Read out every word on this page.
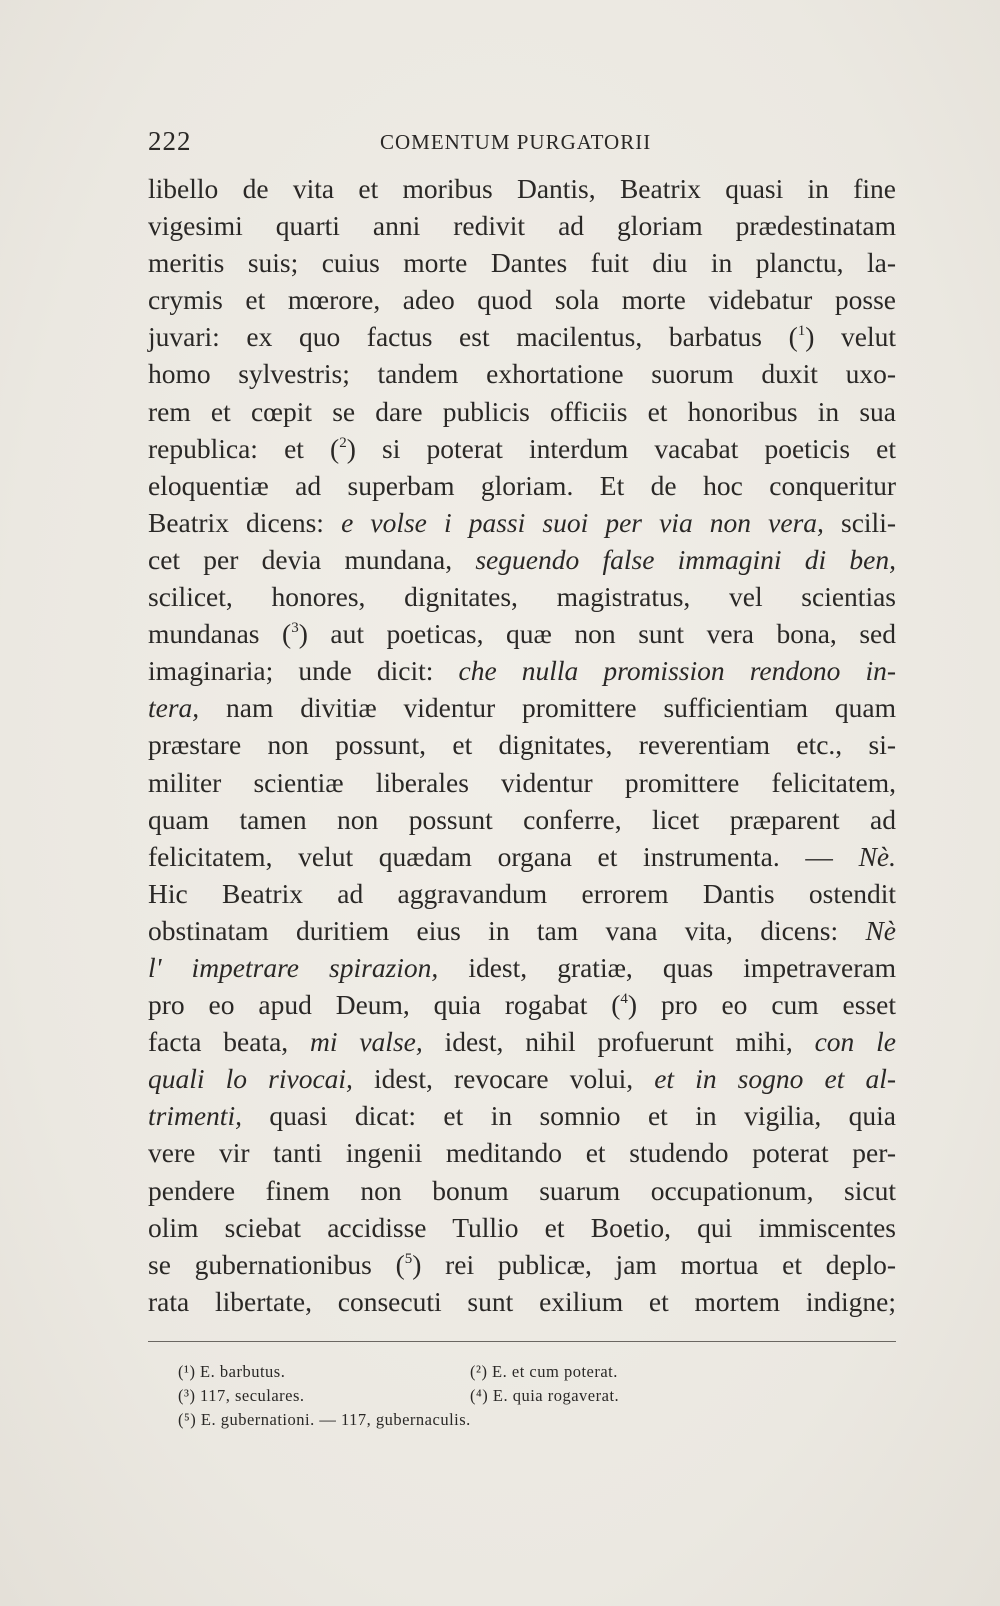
222	COMENTUM PURGATORII
libello de vita et moribus Dantis, Beatrix quasi in fine
vigesimi quarti anni redivit ad gloriam prædestinatam
meritis suis; cuius morte Dantes fuit diu in planctu, la-
crymis et mœrore, adeo quod sola morte videbatur posse
juvari: ex quo factus est macilentus, barbatus ($^1$) velut
homo sylvestris; tandem exhortatione suorum duxit uxo-
rem et cœpit se dare publicis officiis et honoribus in sua
republica: et ($^2$) si poterat interdum vacabat poeticis et
eloquentiæ ad superbam gloriam. Et de hoc conqueritur
Beatrix dicens: e volse i passi suoi per via non vera, scili-
cet per devia mundana, seguendo false immagini di ben,
scilicet, honores, dignitates, magistratus, vel scientias
mundanas ($^3$) aut poeticas, quæ non sunt vera bona, sed
imaginaria; unde dicit: che nulla promission rendono in-
tera, nam divitiæ videntur promittere sufficientiam quam
præstare non possunt, et dignitates, reverentiam etc., si-
militer scientiæ liberales videntur promittere felicitatem,
quam tamen non possunt conferre, licet præparent ad
felicitatem, velut quædam organa et instrumenta. — Nè.
Hic Beatrix ad aggravandum errorem Dantis ostendit
obstinatam duritiem eius in tam vana vita, dicens: Nè
l' impetrare spirazion, idest, gratiæ, quas impetraveram
pro eo apud Deum, quia rogabat ($^4$) pro eo cum esset
facta beata, mi valse, idest, nihil profuerunt mihi, con le
quali lo rivocai, idest, revocare volui, et in sogno et al-
trimenti, quasi dicat: et in somnio et in vigilia, quia
vere vir tanti ingenii meditando et studendo poterat per-
pendere finem non bonum suarum occupationum, sicut
olim sciebat accidisse Tullio et Boetio, qui immiscentes
se gubernationibus ($^5$) rei publicæ, jam mortua et deplo-
rata libertate, consecuti sunt exilium et mortem indigne;
(¹) E. barbutus.	(²) E. et cum poterat.
(³) 117, seculares.	(⁴) E. quia rogaverat.
(⁵) E. gubernationi. — 117, gubernaculis.
